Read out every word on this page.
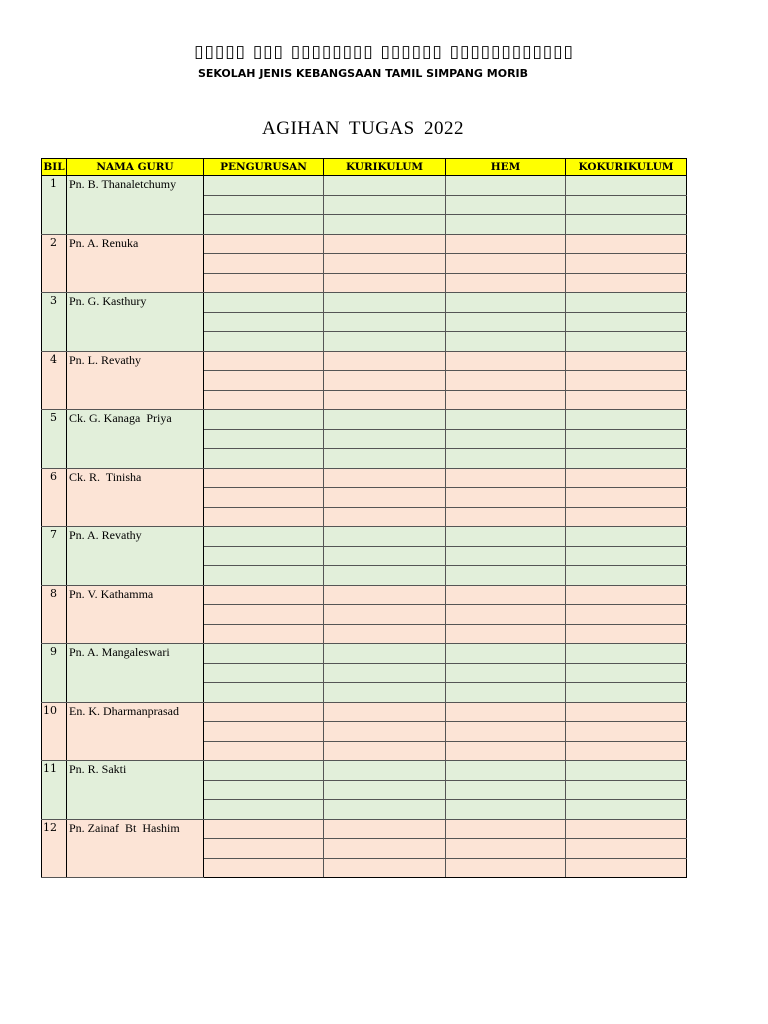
▯▯▯▯▯ ▯▯▯ ▯▯▯▯▯▯▯▯ ▯▯▯▯▯▯ ▯▯▯▯▯▯▯▯▯▯▯▯
SEKOLAH JENIS KEBANGSAAN TAMIL SIMPANG MORIB
AGIHAN TUGAS 2022
BIL	NAMA GURU	PENGURUSAN	KURIKULUM	HEM	KOKURIKULUM
1	Pn. B. Thanaletchumy				

2	Pn. A. Renuka				

3	Pn. G. Kasthury				

4	Pn. L. Revathy				

5	Ck. G. Kanaga  Priya				

6	Ck. R.  Tinisha				

7	Pn. A. Revathy				

8	Pn. V. Kathamma				

9	Pn. A. Mangaleswari				

10	En. K. Dharmanprasad				

11	Pn. R. Sakti				

12	Pn. Zainaf  Bt  Hashim				
